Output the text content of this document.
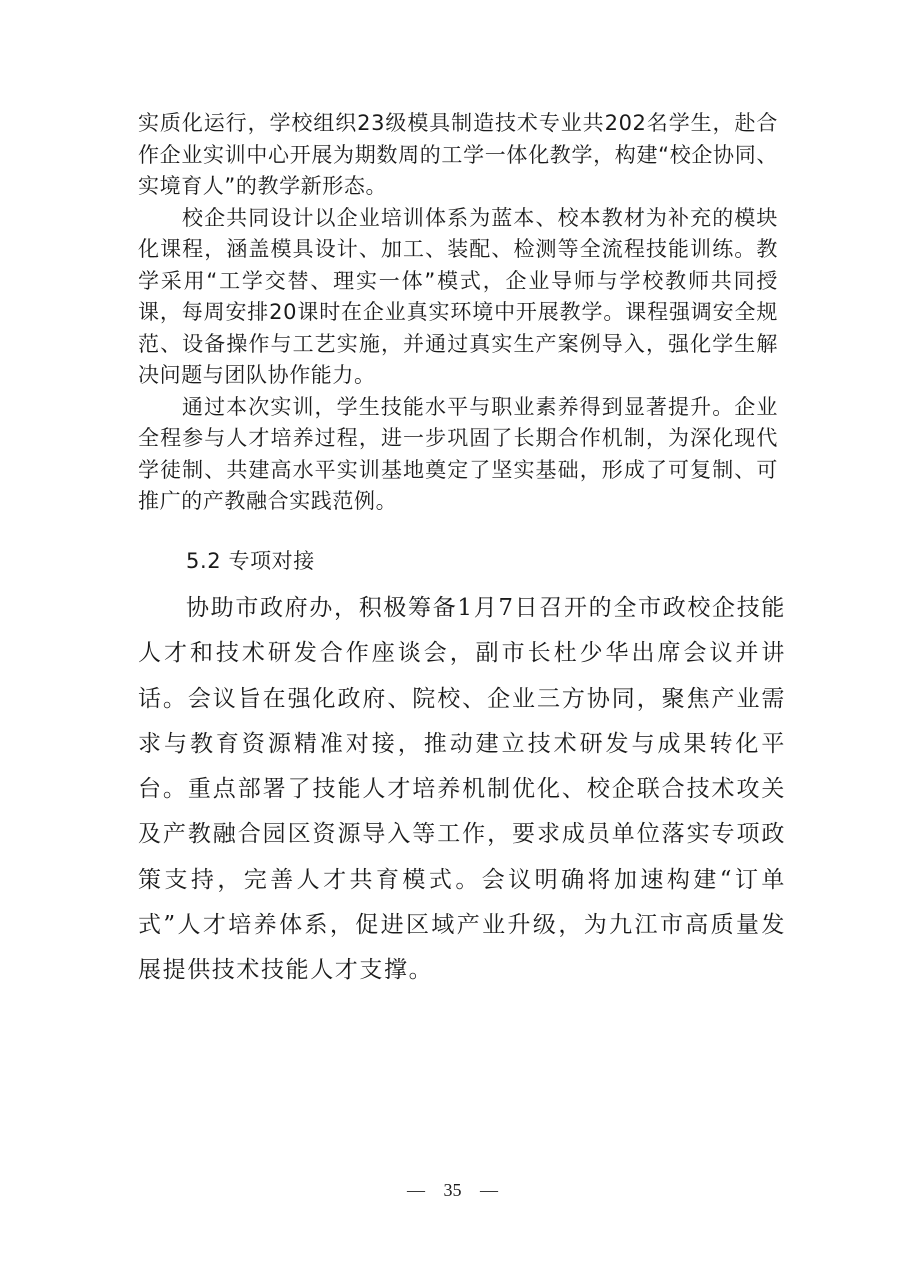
实质化运行，学校组织23级模具制造技术专业共202名学生，赴合作企业实训中心开展为期数周的工学一体化教学，构建“校企协同、实境育人”的教学新形态。

校企共同设计以企业培训体系为蓝本、校本教材为补充的模块化课程，涵盖模具设计、加工、装配、检测等全流程技能训练。教学采用“工学交替、理实一体”模式，企业导师与学校教师共同授课，每周安排20课时在企业真实环境中开展教学。课程强调安全规范、设备操作与工艺实施，并通过真实生产案例导入，强化学生解决问题与团队协作能力。

通过本次实训，学生技能水平与职业素养得到显著提升。企业全程参与人才培养过程，进一步巩固了长期合作机制，为深化现代学徒制、共建高水平实训基地奠定了坚实基础，形成了可复制、可推广的产教融合实践范例。

5.2 专项对接

协助市政府办，积极筹备1月7日召开的全市政校企技能人才和技术研发合作座谈会，副市长杜少华出席会议并讲话。会议旨在强化政府、院校、企业三方协同，聚焦产业需求与教育资源精准对接，推动建立技术研发与成果转化平台。重点部署了技能人才培养机制优化、校企联合技术攻关及产教融合园区资源导入等工作，要求成员单位落实专项政策支持，完善人才共育模式。会议明确将加速构建“订单式”人才培养体系，促进区域产业升级，为九江市高质量发展提供技术技能人才支撑。

— 35 —
